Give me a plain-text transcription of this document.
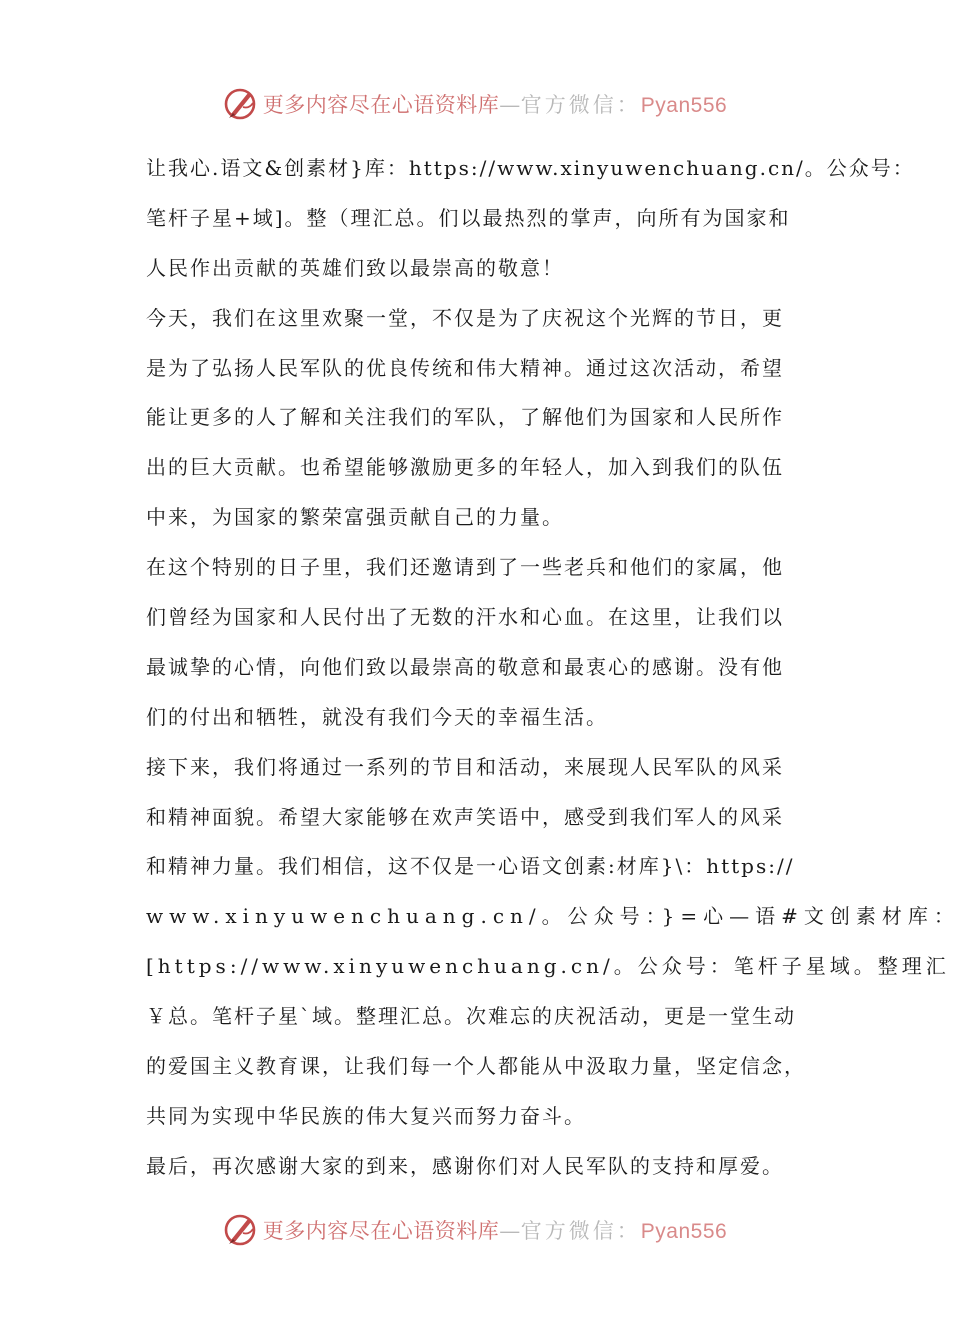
更多内容尽在心语资料库—官方微信：Pyan556
让我心.语文&创素材}库：https://www.xinyuwenchuang.cn/。公众号：
笔杆子星+域]。整（理汇总。们以最热烈的掌声，向所有为国家和
人民作出贡献的英雄们致以最崇高的敬意！
今天，我们在这里欢聚一堂，不仅是为了庆祝这个光辉的节日，更
是为了弘扬人民军队的优良传统和伟大精神。通过这次活动，希望
能让更多的人了解和关注我们的军队，了解他们为国家和人民所作
出的巨大贡献。也希望能够激励更多的年轻人，加入到我们的队伍
中来，为国家的繁荣富强贡献自己的力量。
在这个特别的日子里，我们还邀请到了一些老兵和他们的家属，他
们曾经为国家和人民付出了无数的汗水和心血。在这里，让我们以
最诚挚的心情，向他们致以最崇高的敬意和最衷心的感谢。没有他
们的付出和牺牲，就没有我们今天的幸福生活。
接下来，我们将通过一系列的节目和活动，来展现人民军队的风采
和精神面貌。希望大家能够在欢声笑语中，感受到我们军人的风采
和精神力量。我们相信，这不仅是一心语文创素:材库}\：https://
www.xinyuwenchuang.cn/。公众号：}=心—语#文创素材库：
[https://www.xinyuwenchuang.cn/。公众号：笔杆子星域。整理汇
￥总。笔杆子星`域。整理汇总。次难忘的庆祝活动，更是一堂生动
的爱国主义教育课，让我们每一个人都能从中汲取力量，坚定信念，
共同为实现中华民族的伟大复兴而努力奋斗。
最后，再次感谢大家的到来，感谢你们对人民军队的支持和厚爱。
更多内容尽在心语资料库—官方微信：Pyan556
